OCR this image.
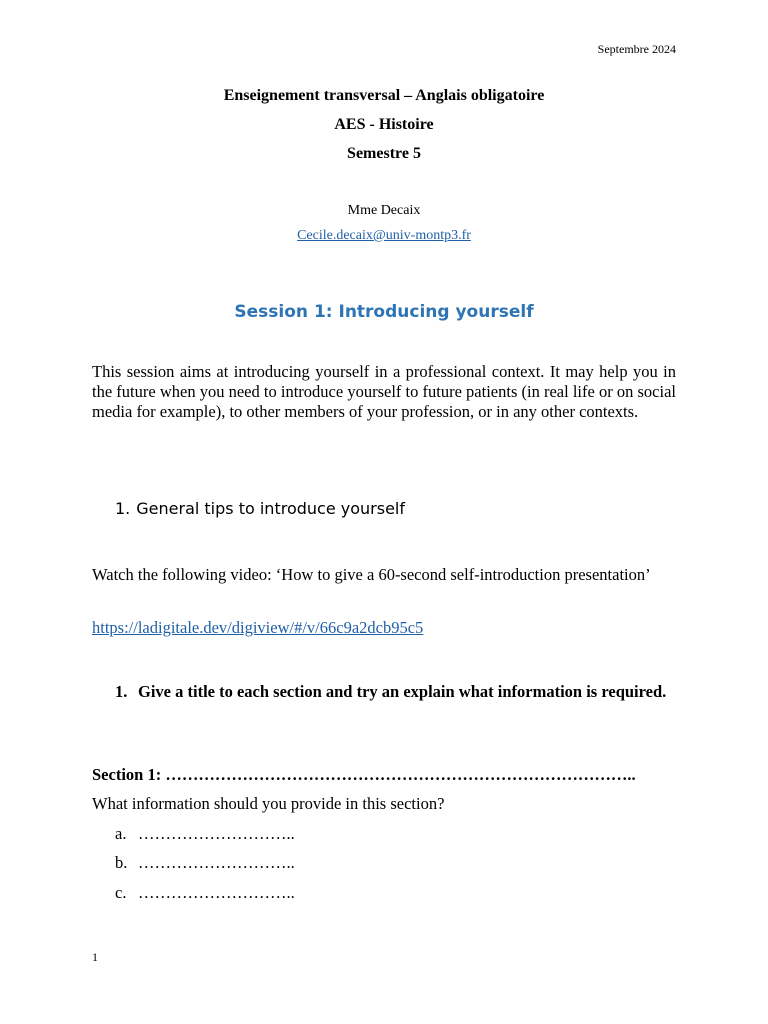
Septembre 2024
Enseignement transversal – Anglais obligatoire
AES - Histoire
Semestre 5
Mme Decaix
Cecile.decaix@univ-montp3.fr
Session 1: Introducing yourself
This session aims at introducing yourself in a professional context. It may help you in the future when you need to introduce yourself to future patients (in real life or on social media for example), to other members of your profession, or in any other contexts.
1. General tips to introduce yourself
Watch the following video: ‘How to give a 60-second self-introduction presentation’
https://ladigitale.dev/digiview/#/v/66c9a2dcb95c5
1. Give a title to each section and try an explain what information is required.
Section 1: …………………………………………………………………………..
What information should you provide in this section?
a. ………………………..
b. ………………………..
c. ………………………..
1
